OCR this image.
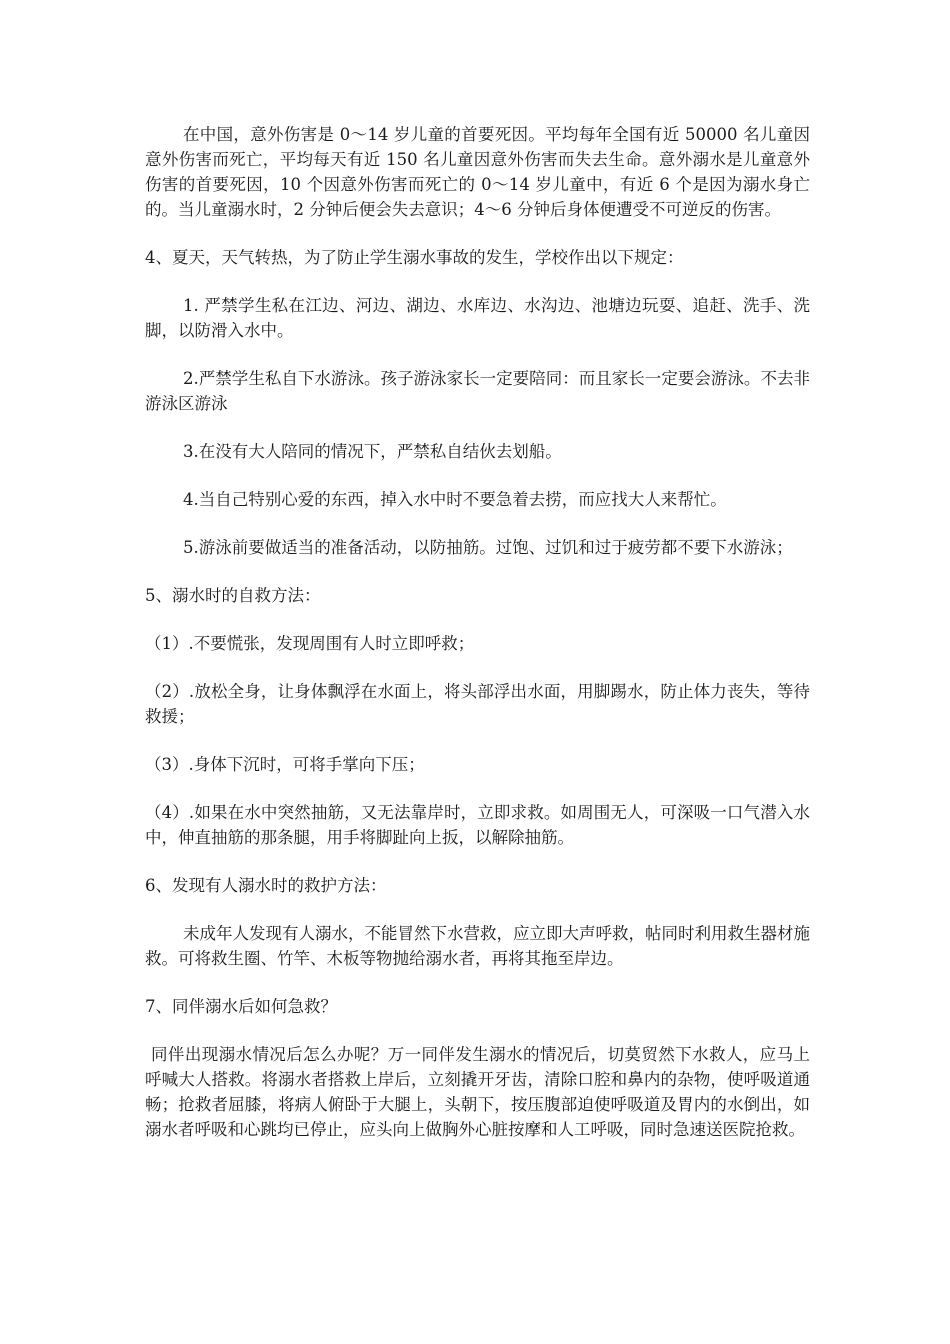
在中国，意外伤害是 0～14 岁儿童的首要死因。平均每年全国有近 50000 名儿童因意外伤害而死亡，平均每天有近 150 名儿童因意外伤害而失去生命。意外溺水是儿童意外伤害的首要死因，10 个因意外伤害而死亡的 0～14 岁儿童中，有近 6 个是因为溺水身亡的。当儿童溺水时，2 分钟后便会失去意识；4～6 分钟后身体便遭受不可逆反的伤害。

4、夏天，天气转热，为了防止学生溺水事故的发生，学校作出以下规定：

1. 严禁学生私在江边、河边、湖边、水库边、水沟边、池塘边玩耍、追赶、洗手、洗脚，以防滑入水中。

2.严禁学生私自下水游泳。孩子游泳家长一定要陪同：而且家长一定要会游泳。不去非游泳区游泳

3.在没有大人陪同的情况下，严禁私自结伙去划船。

4.当自己特别心爱的东西，掉入水中时不要急着去捞，而应找大人来帮忙。

5.游泳前要做适当的准备活动，以防抽筋。过饱、过饥和过于疲劳都不要下水游泳；

5、溺水时的自救方法：

（1）.不要慌张，发现周围有人时立即呼救；

（2）.放松全身，让身体飘浮在水面上，将头部浮出水面，用脚踢水，防止体力丧失，等待救援；

（3）.身体下沉时，可将手掌向下压；

（4）.如果在水中突然抽筋，又无法靠岸时，立即求救。如周围无人，可深吸一口气潜入水中，伸直抽筋的那条腿，用手将脚趾向上扳，以解除抽筋。

6、发现有人溺水时的救护方法：

未成年人发现有人溺水，不能冒然下水营救，应立即大声呼救，帖同时利用救生器材施救。可将救生圈、竹竿、木板等物抛给溺水者，再将其拖至岸边。

7、同伴溺水后如何急救？

同伴出现溺水情况后怎么办呢？万一同伴发生溺水的情况后，切莫贸然下水救人，应马上呼喊大人搭救。将溺水者搭救上岸后，立刻撬开牙齿，清除口腔和鼻内的杂物，使呼吸道通畅；抢救者屈膝，将病人俯卧于大腿上，头朝下，按压腹部迫使呼吸道及胃内的水倒出，如溺水者呼吸和心跳均已停止，应头向上做胸外心脏按摩和人工呼吸，同时急速送医院抢救。
